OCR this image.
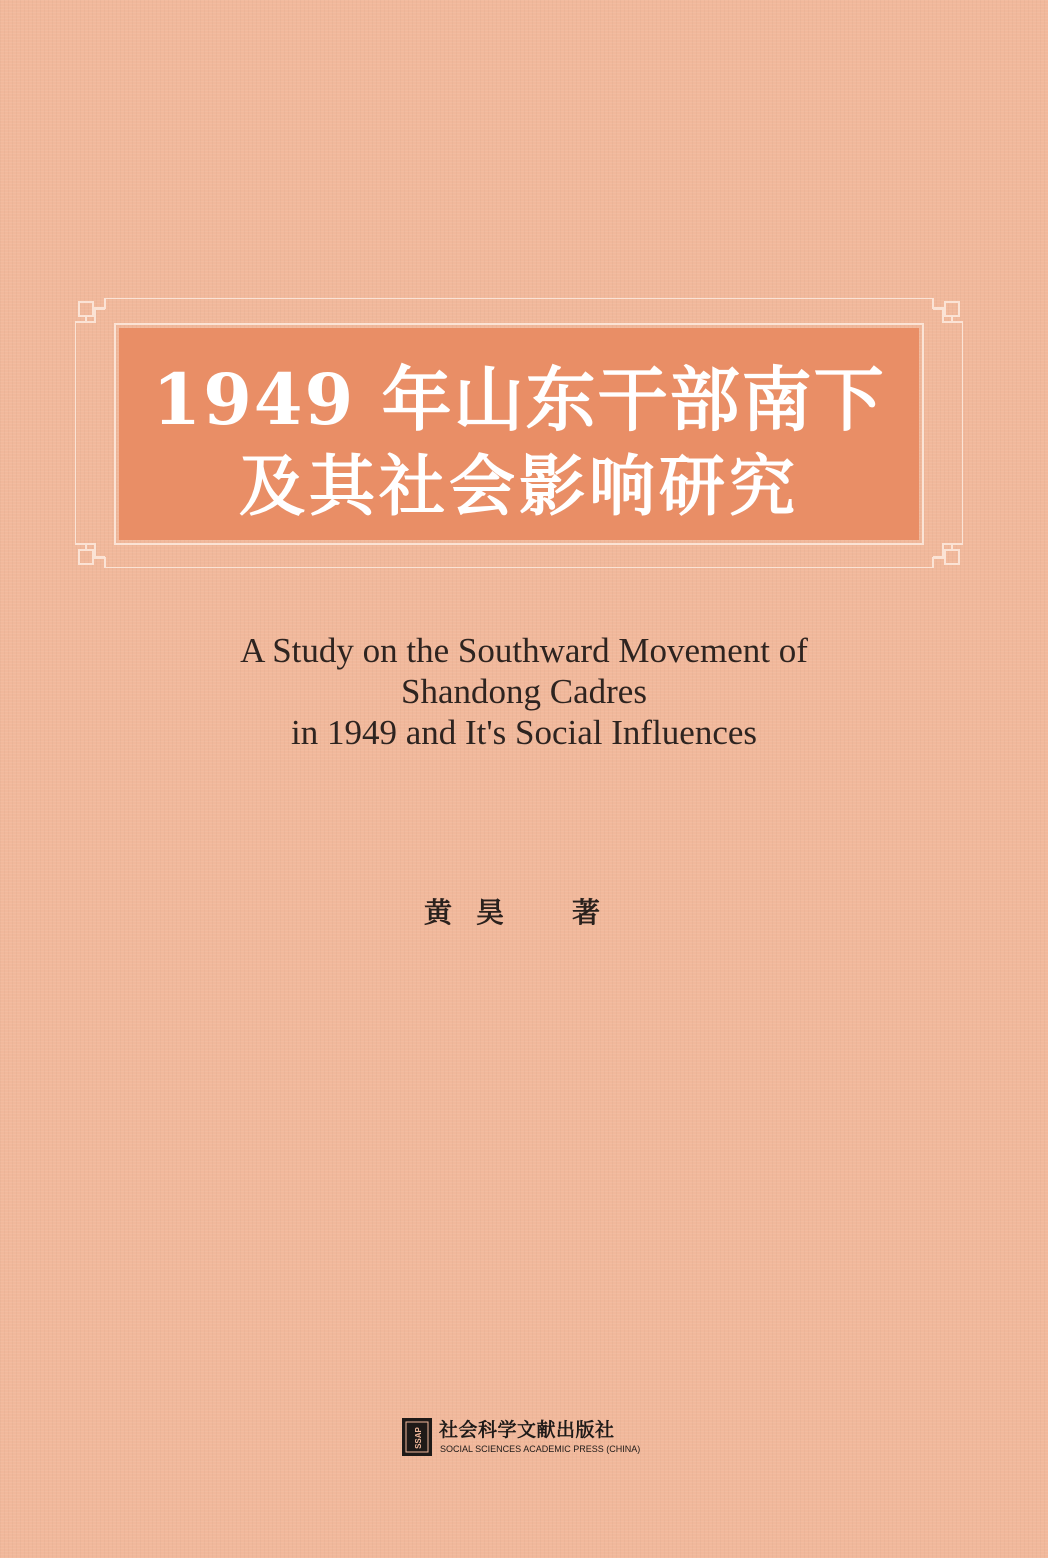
1949 年山东干部南下
及其社会影响研究
A Study on the Southward Movement of
Shandong Cadres
in 1949 and It's Social Influences
黄 昊 著
SSAP 社会科学文献出版社
SOCIAL SCIENCES ACADEMIC PRESS (CHINA)
